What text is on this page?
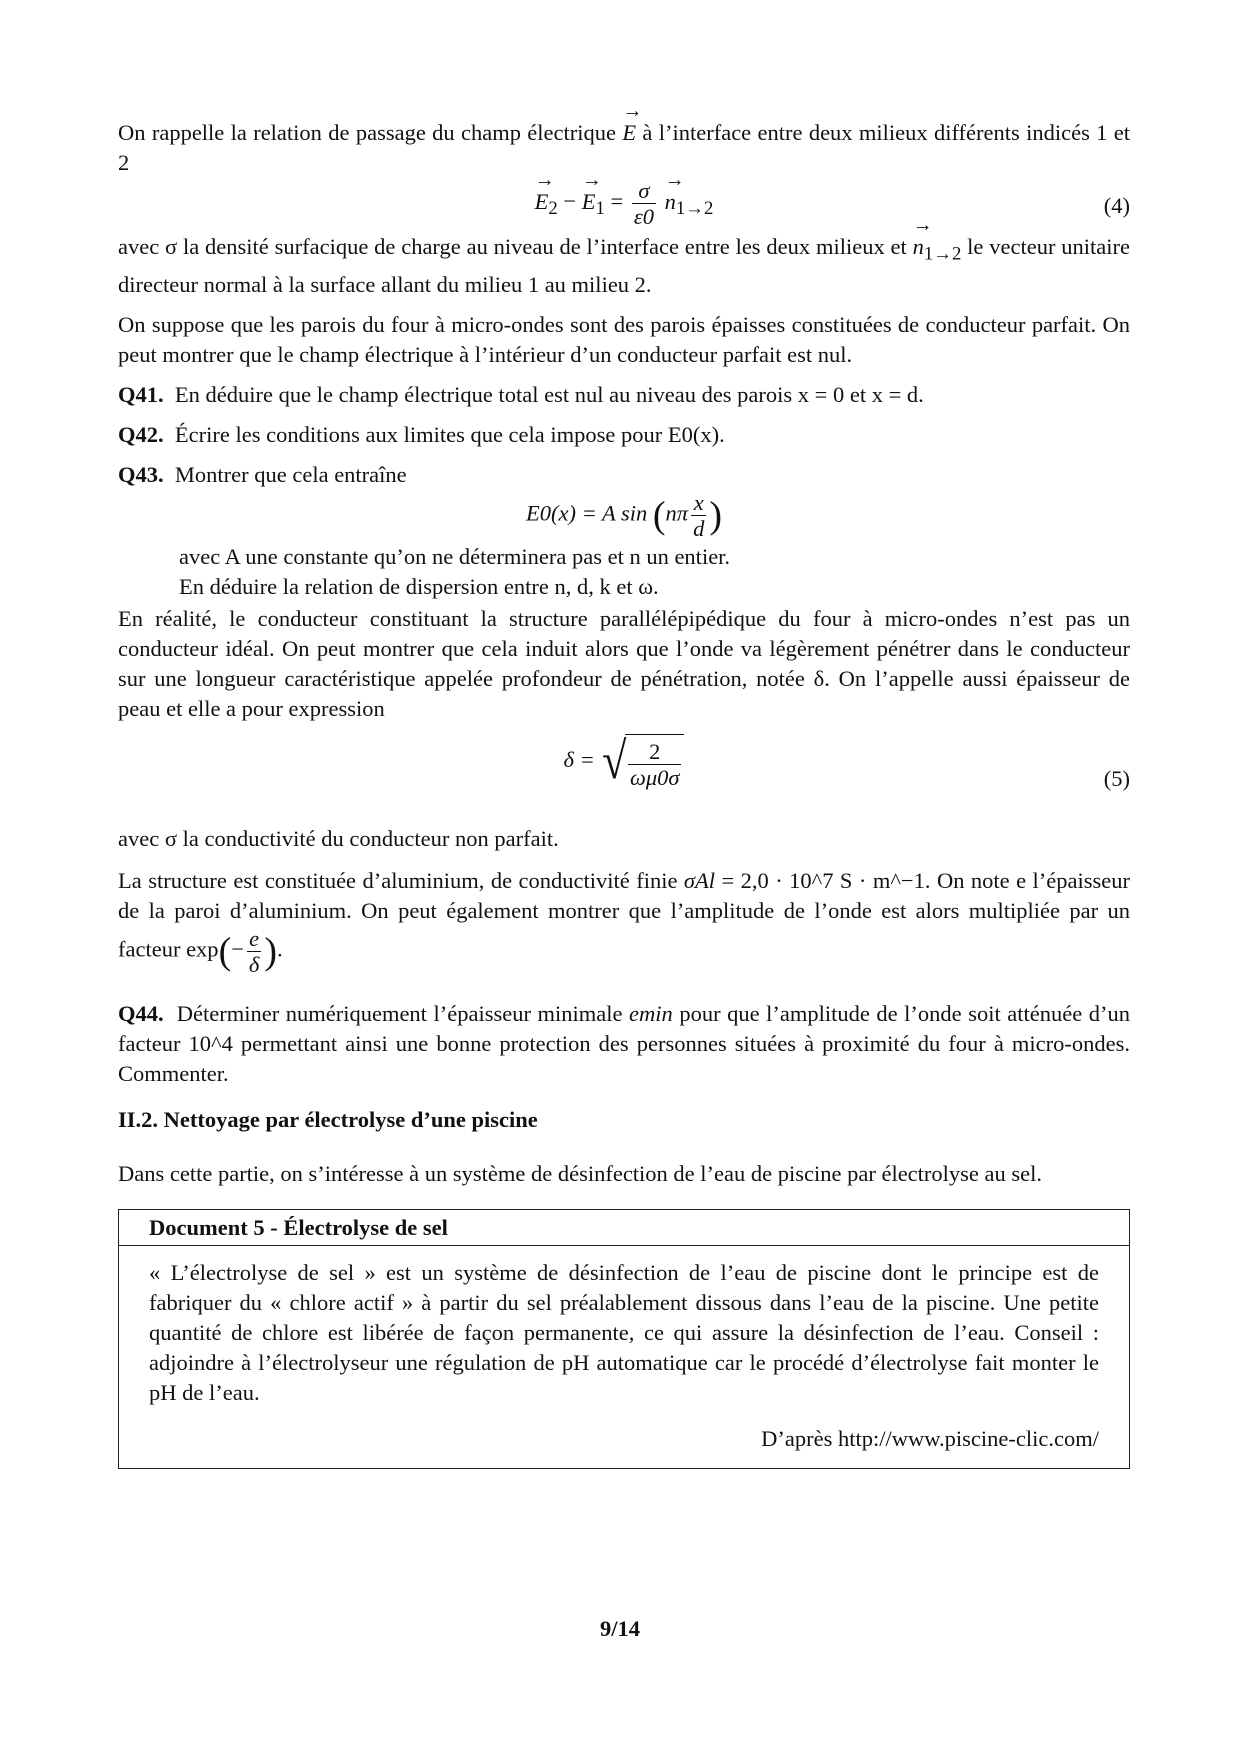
On rappelle la relation de passage du champ électrique → E à l’interface entre deux milieux différents indicés 1 et 2

→ $E_2$ − → $E_1 = \frac{\sigma}{\varepsilon 0}$
→ $n_{1\to 2}$	(4)

avec σ la densité surfacique de charge au niveau de l’interface entre les deux milieux et → $n_{1\to 2}$ le vecteur unitaire directeur normal à la surface allant du milieu 1 au milieu 2.

On suppose que les parois du four à micro-ondes sont des parois épaisses constituées de conducteur parfait. On peut montrer que le champ électrique à l’intérieur d’un conducteur parfait est nul.

Q41. En déduire que le champ électrique total est nul au niveau des parois x = 0 et x = d.

Q42. Écrire les conditions aux limites que cela impose pour E0(x).

Q43. Montrer que cela entraîne

E0(x) = A $\sin (n\pi \frac{x}{d}$ )
avec A une constante qu’on ne déterminera pas et n un entier.
En déduire la relation de dispersion entre n, d, k et ω.

En réalité, le conducteur constituant la structure parallélépipédique du four à micro-ondes n’est pas un conducteur idéal. On peut montrer que cela induit alors que l’onde va légèrement pénétrer dans le conducteur sur une longueur caractéristique appelée profondeur de pénétration, notée δ. On l’appelle aussi épaisseur de peau et elle a pour expression

δ = √ $\frac{2}{\omega\mu 0\sigma}$	(5)

avec σ la conductivité du conducteur non parfait.

La structure est constituée d’aluminium, de conductivité finie σAl = 2,0 · 10^7 S · m^−1. On note e l’épaisseur de la paroi d’aluminium. On peut également montrer que l’amplitude de l’onde est alors multipliée par un facteur $\exp(- \frac{e}{\delta}$ ).

Q44. Déterminer numériquement l’épaisseur minimale emin pour que l’amplitude de l’onde soit atténuée d’un facteur 10^4 permettant ainsi une bonne protection des personnes situées à proximité du four à micro-ondes. Commenter.

II.2. Nettoyage par électrolyse d’une piscine

Dans cette partie, on s’intéresse à un système de désinfection de l’eau de piscine par électrolyse au sel.

Document 5 - Électrolyse de sel

« L’électrolyse de sel » est un système de désinfection de l’eau de piscine dont le principe est de fabriquer du « chlore actif » à partir du sel préalablement dissous dans l’eau de la piscine. Une petite quantité de chlore est libérée de façon permanente, ce qui assure la désinfection de l’eau. Conseil : adjoindre à l’électrolyseur une régulation de pH automatique car le procédé d’électrolyse fait monter le pH de l’eau.

D’après http://www.piscine-clic.com/
9/14
